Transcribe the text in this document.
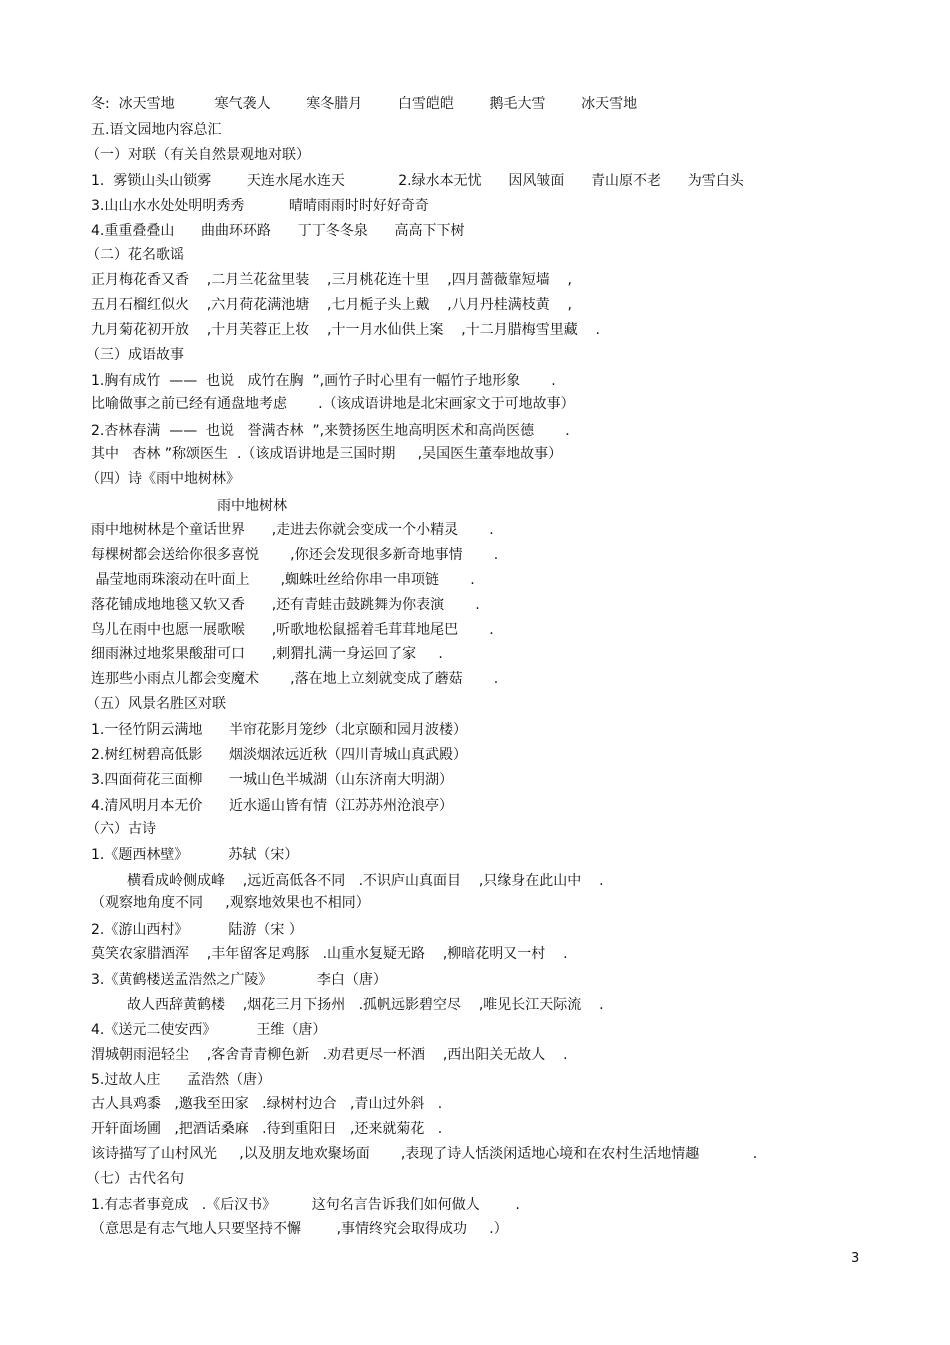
冬:  冰天雪地         寒气袭人        寒冬腊月        白雪皑皑        鹅毛大雪        冰天雪地
五.语文园地内容总汇
（一）对联（有关自然景观地对联）
1.  雾锁山头山锁雾        天连水尾水连天            2.绿水本无忧      因风皱面      青山原不老      为雪白头
3.山山水水处处明明秀秀          晴晴雨雨时时好好奇奇
4.重重叠叠山      曲曲环环路      丁丁冬冬泉      高高下下树
（二）花名歌谣
正月梅花香又香    ,二月兰花盆里装    ,三月桃花连十里    ,四月蔷薇靠短墙    ,
五月石榴红似火    ,六月荷花满池塘    ,七月栀子头上戴    ,八月丹桂满枝黄    ,
九月菊花初开放    ,十月芙蓉正上妆    ,十一月水仙供上案    ,十二月腊梅雪里藏    .
（三）成语故事
1.胸有成竹  ——  也说   成竹在胸  ”,画竹子时心里有一幅竹子地形象       .
比喻做事之前已经有通盘地考虑       .（该成语讲地是北宋画家文于可地故事）
2.杏林春满  ——  也说   誉满杏林  ”,来赞扬医生地高明医术和高尚医德       .
其中   杏林 ”称颂医生  .（该成语讲地是三国时期     ,吴国医生董奉地故事）
（四）诗《雨中地树林》
雨中地树林
雨中地树林是个童话世界      ,走进去你就会变成一个小精灵       .
每棵树都会送给你很多喜悦       ,你还会发现很多新奇地事情       .
晶莹地雨珠滚动在叶面上       ,蜘蛛吐丝给你串一串项链       .
落花铺成地地毯又软又香      ,还有青蛙击鼓跳舞为你表演       .
鸟儿在雨中也愿一展歌喉      ,听歌地松鼠摇着毛茸茸地尾巴       .
细雨淋过地浆果酸甜可口      ,刺猬扎满一身运回了家     .
连那些小雨点儿都会变魔术       ,落在地上立刻就变成了蘑菇       .
（五）风景名胜区对联
1.一径竹阴云满地      半帘花影月笼纱（北京颐和园月波楼）
2.树红树碧高低影      烟淡烟浓远近秋（四川青城山真武殿）
3.四面荷花三面柳      一城山色半城湖（山东济南大明湖）
4.清风明月本无价      近水遥山皆有情（江苏苏州沧浪亭）
（六）古诗
1.《题西林壁》         苏轼（宋）
横看成岭侧成峰    ,远近高低各不同   .不识庐山真面目    ,只缘身在此山中    .
（观察地角度不同     ,观察地效果也不相同）
2.《游山西村》         陆游（宋 ）
莫笑农家腊酒浑    ,丰年留客足鸡豚   .山重水复疑无路    ,柳暗花明又一村    .
3.《黄鹤楼送孟浩然之广陵》          李白（唐）
故人西辞黄鹤楼    ,烟花三月下扬州   .孤帆远影碧空尽    ,唯见长江天际流    .
4.《送元二使安西》         王维（唐）
渭城朝雨浥轻尘    ,客舍青青柳色新   .劝君更尽一杯酒    ,西出阳关无故人    .
5.过故人庄      孟浩然（唐）
古人具鸡黍   ,邀我至田家   .绿树村边合   ,青山过外斜   .
开轩面场圃   ,把酒话桑麻   .待到重阳日   ,还来就菊花   .
该诗描写了山村风光     ,以及朋友地欢聚场面       ,表现了诗人恬淡闲适地心境和在农村生活地情趣            .
（七）古代名句
1.有志者事竟成   .《后汉书》        这句名言告诉我们如何做人        .
（意思是有志气地人只要坚持不懈        ,事情终究会取得成功     .）
3
